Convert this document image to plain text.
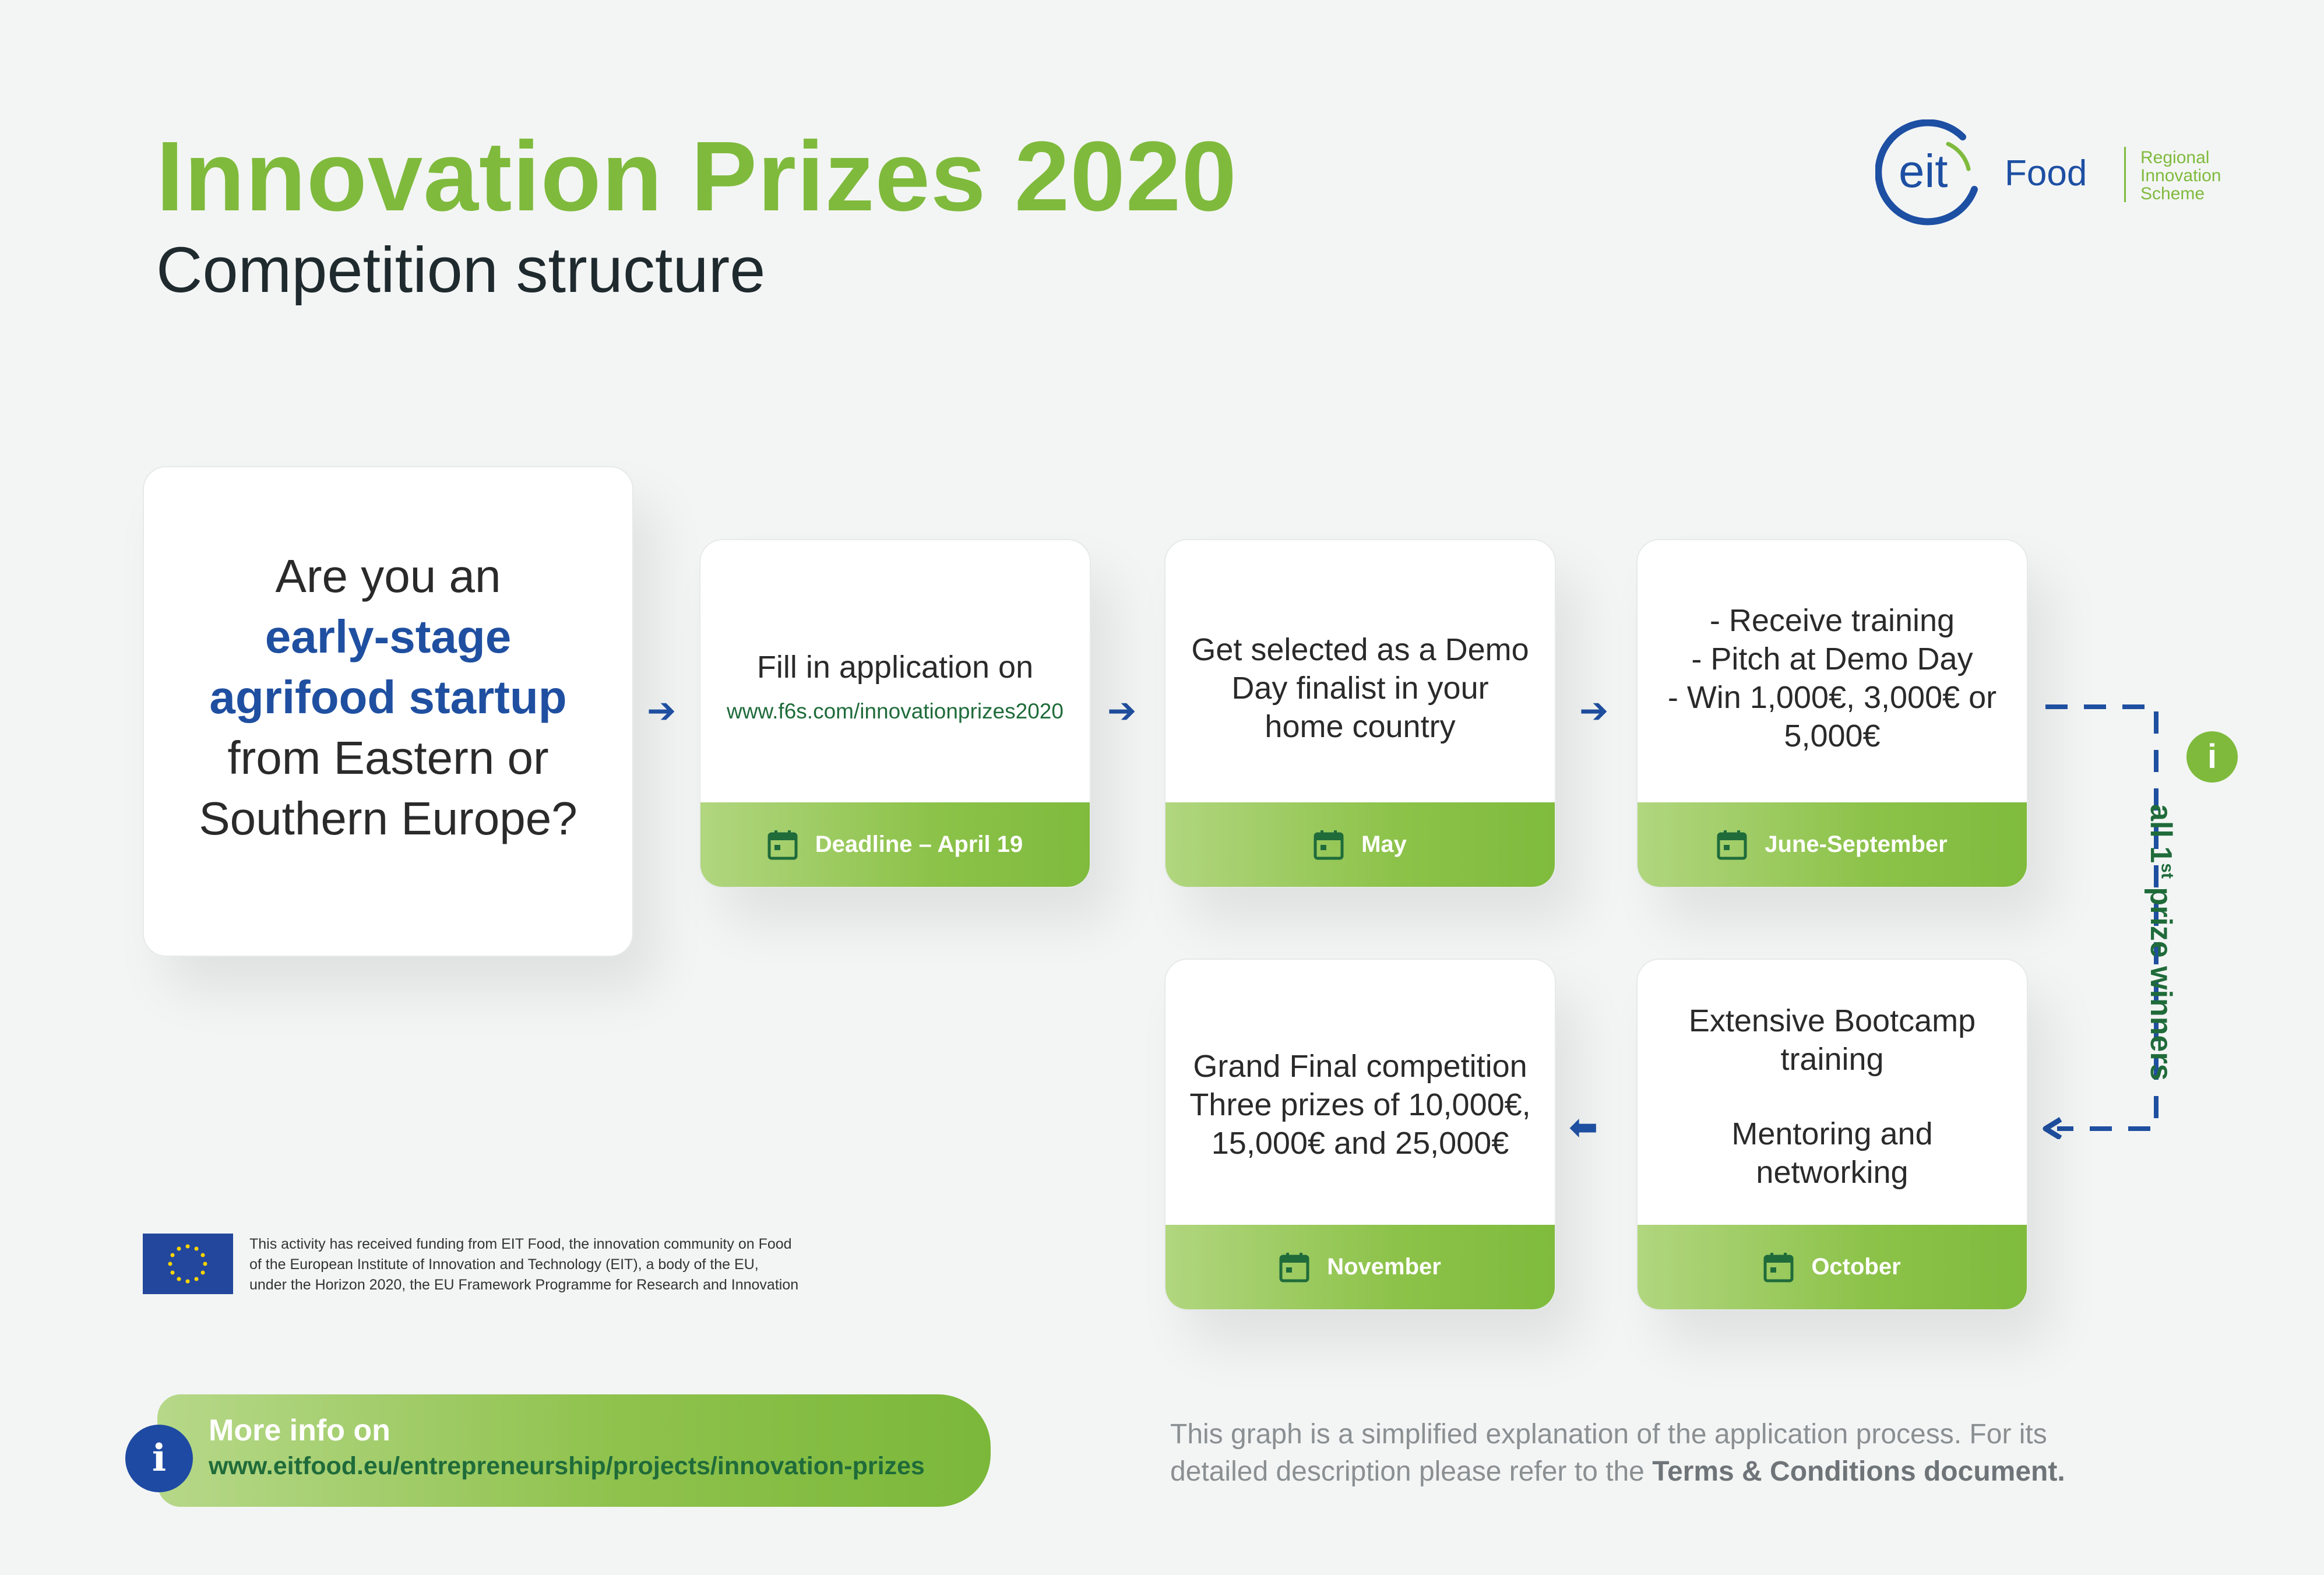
Innovation Prizes 2020
Competition structure
eit Food	Regional
Innovation
Scheme
Are you an
early-stage
agrifood startup
from Eastern or
Southern Europe?
➔	➔	➔
Fill in application on
www.f6s.com/innovationprizes2020
Deadline – April 19
Get selected as a Demo Day finalist in your home country
May
- Receive training
- Pitch at Demo Day
- Win 1,000€, 3,000€ or 5,000€
June-September
i
all 1st prize winners
Grand Final competition
Three prizes of 10,000€, 15,000€ and 25,000€
November
⬅
Extensive Bootcamp training
Mentoring and networking
October
This activity has received funding from EIT Food, the innovation community on Food
of the European Institute of Innovation and Technology (EIT), a body of the EU,
under the Horizon 2020, the EU Framework Programme for Research and Innovation
i
More info on
www.eitfood.eu/entrepreneurship/projects/innovation-prizes
This graph is a simplified explanation of the application process. For its detailed description please refer to the Terms & Conditions document.
